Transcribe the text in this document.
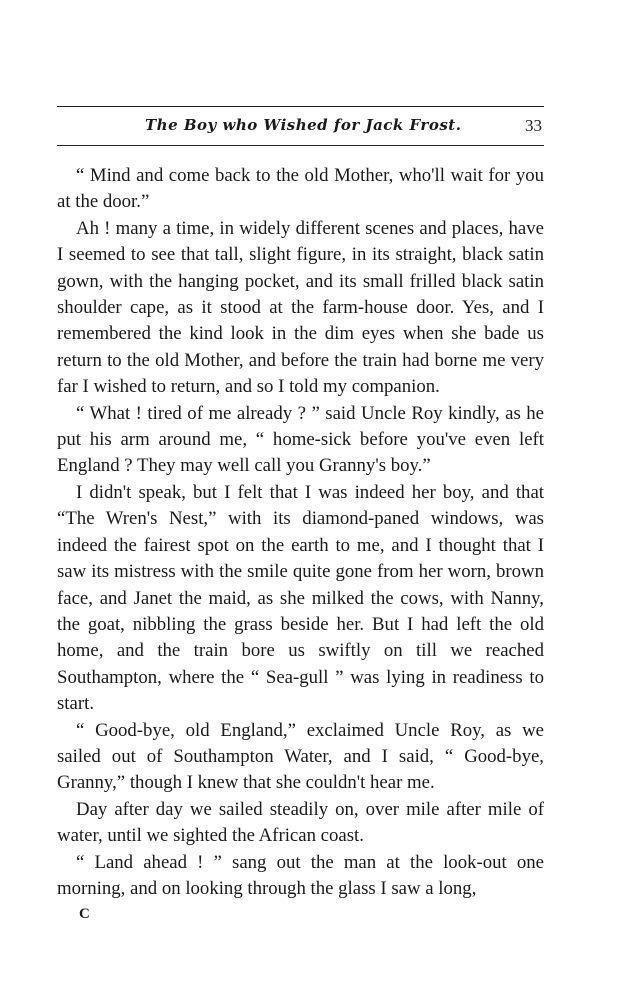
The Boy who Wished for Jack Frost.	33

“ Mind and come back to the old Mother, who'll wait for you at the door.”

Ah ! many a time, in widely different scenes and places, have I seemed to see that tall, slight figure, in its straight, black satin gown, with the hanging pocket, and its small frilled black satin shoulder cape, as it stood at the farm-house door. Yes, and I remembered the kind look in the dim eyes when she bade us return to the old Mother, and before the train had borne me very far I wished to return, and so I told my companion.

“ What ! tired of me already ? ” said Uncle Roy kindly, as he put his arm around me, “ home-sick before you've even left England ? They may well call you Granny's boy.”

I didn't speak, but I felt that I was indeed her boy, and that “The Wren's Nest,” with its diamond-paned windows, was indeed the fairest spot on the earth to me, and I thought that I saw its mistress with the smile quite gone from her worn, brown face, and Janet the maid, as she milked the cows, with Nanny, the goat, nibbling the grass beside her. But I had left the old home, and the train bore us swiftly on till we reached Southampton, where the “ Sea-gull ” was lying in readiness to start.

“ Good-bye, old England,” exclaimed Uncle Roy, as we sailed out of Southampton Water, and I said, “ Good-bye, Granny,” though I knew that she couldn't hear me.

Day after day we sailed steadily on, over mile after mile of water, until we sighted the African coast.

“ Land ahead ! ” sang out the man at the look-out one morning, and on looking through the glass I saw a long,

C
